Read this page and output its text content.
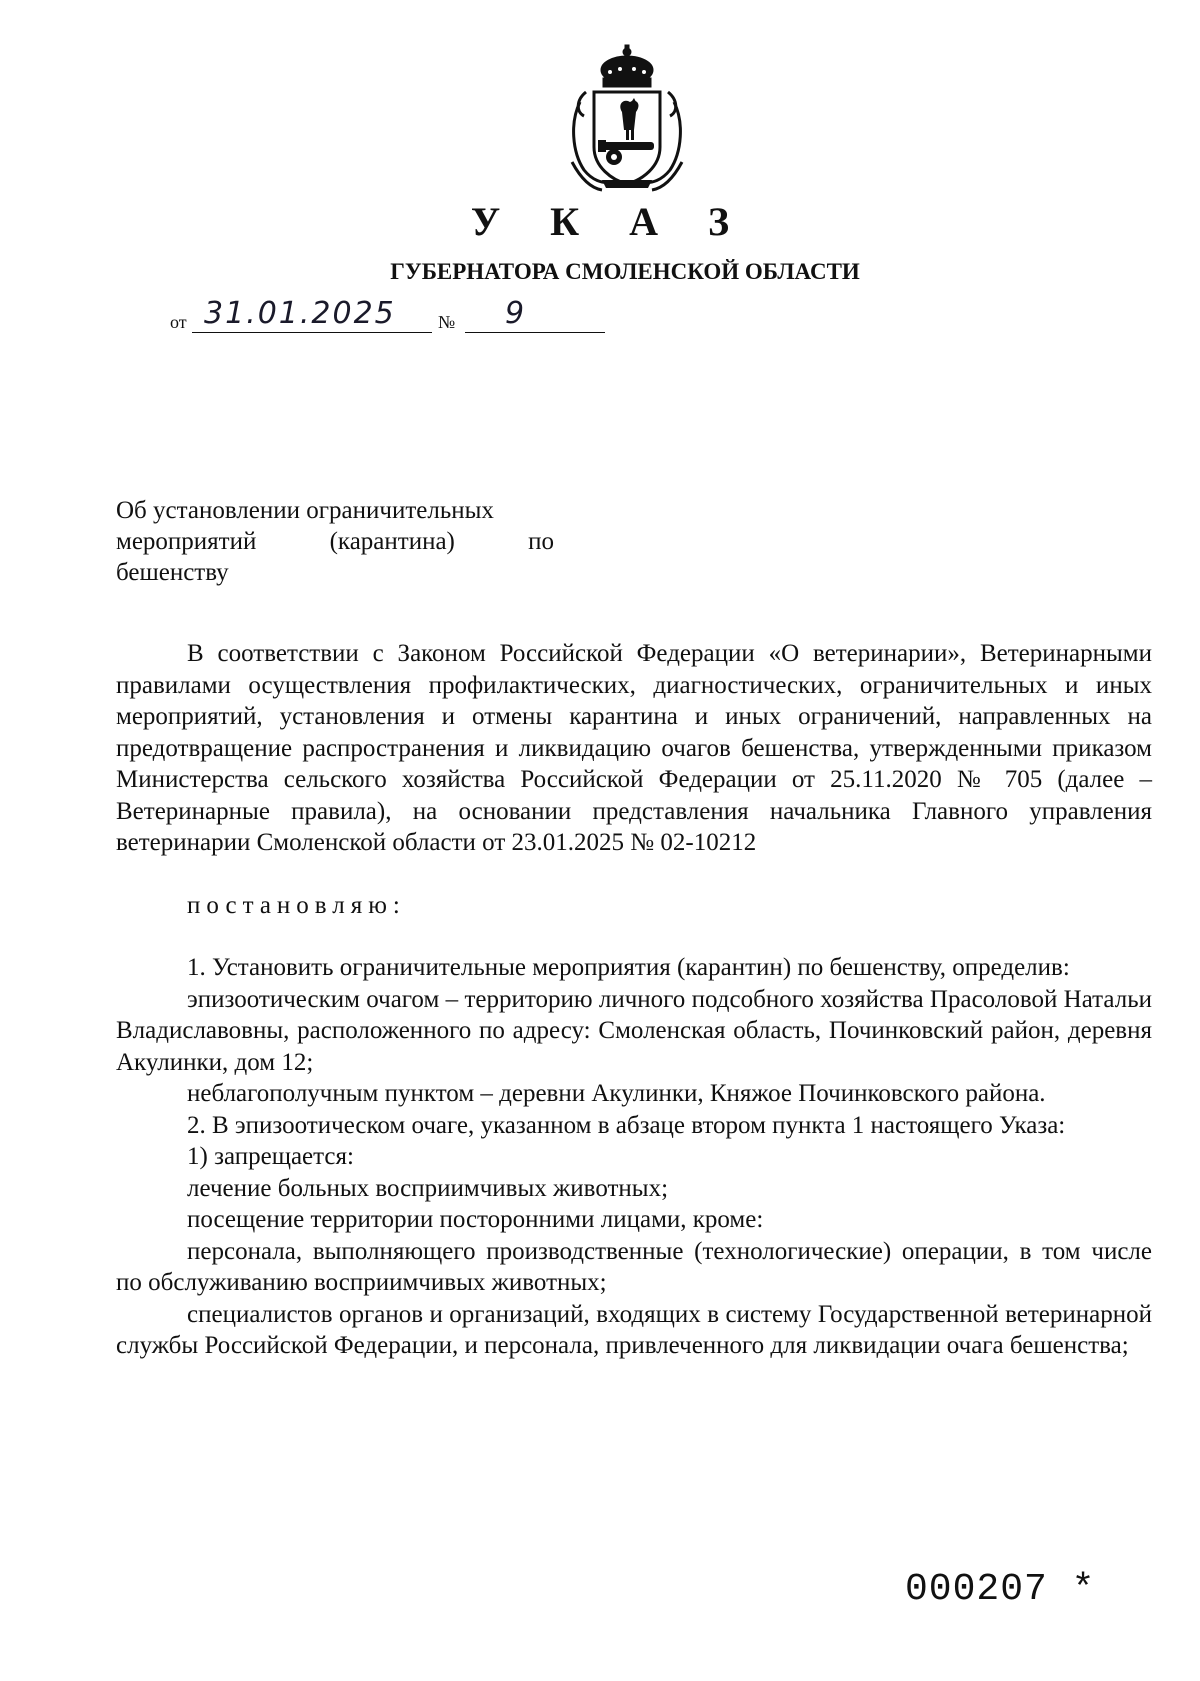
У К А З
ГУБЕРНАТОРА СМОЛЕНСКОЙ ОБЛАСТИ
от 31.01.2025 № 9
Об установлении ограничительных
мероприятий (карантина) по
бешенству

В соответствии с Законом Российской Федерации «О ветеринарии», Ветеринарными правилами осуществления профилактических, диагностических, ограничительных и иных мероприятий, установления и отмены карантина и иных ограничений, направленных на предотвращение распространения и ликвидацию очагов бешенства, утвержденными приказом Министерства сельского хозяйства Российской Федерации от 25.11.2020 № 705 (далее – Ветеринарные правила), на основании представления начальника Главного управления ветеринарии Смоленской области от 23.01.2025 № 02-10212

постановляю:

1. Установить ограничительные мероприятия (карантин) по бешенству, определив:

эпизоотическим очагом – территорию личного подсобного хозяйства Прасоловой Натальи Владиславовны, расположенного по адресу: Смоленская область, Починковский район, деревня Акулинки, дом 12;

неблагополучным пунктом – деревни Акулинки, Княжое Починковского района.

2. В эпизоотическом очаге, указанном в абзаце втором пункта 1 настоящего Указа:

1) запрещается:

лечение больных восприимчивых животных;

посещение территории посторонними лицами, кроме:

персонала, выполняющего производственные (технологические) операции, в том числе по обслуживанию восприимчивых животных;

специалистов органов и организаций, входящих в систему Государственной ветеринарной службы Российской Федерации, и персонала, привлеченного для ликвидации очага бешенства;

000207 *
